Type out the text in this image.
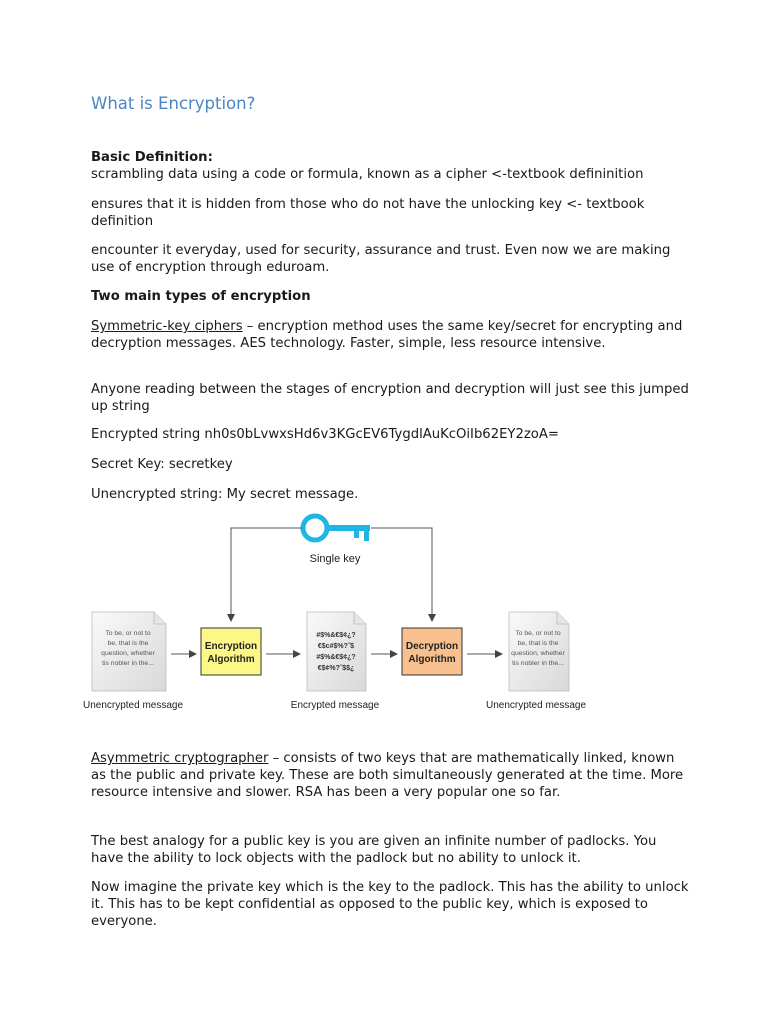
What is Encryption?

Basic Definition:

scrambling data using a code or formula, known as a cipher <-textbook defininition

ensures that it is hidden from those who do not have the unlocking key <- textbook definition

encounter it everyday, used for security, assurance and trust. Even now we are making use of encryption through eduroam.

Two main types of encryption

Symmetric-key ciphers – encryption method uses the same key/secret for encrypting and decryption messages. AES technology. Faster, simple, less resource intensive.

Anyone reading between the stages of encryption and decryption will just see this jumped up string

Encrypted string nh0s0bLvwxsHd6v3KGcEV6TygdlAuKcOiIb62EY2zoA=

Secret Key: secretkey

Unencrypted string: My secret message.

Single key
To be, or not to
be, that is the
question, whether
tis nobler in the...
Unencrypted message
Encryption
Algorithm
#$%&€$¢¿?
€$c#$%?˜$
#$%&€$¢¿?
€$¢%?˜$$¿
Encrypted message
Decryption
Algorithm
To be, or not to
be, that is the
question, whether
tis nobler in the...
Unencrypted message

Asymmetric cryptographer – consists of two keys that are mathematically linked, known as the public and private key. These are both simultaneously generated at the time. More resource intensive and slower. RSA has been a very popular one so far.

The best analogy for a public key is you are given an infinite number of padlocks. You have the ability to lock objects with the padlock but no ability to unlock it.

Now imagine the private key which is the key to the padlock. This has the ability to unlock it. This has to be kept confidential as opposed to the public key, which is exposed to everyone.
